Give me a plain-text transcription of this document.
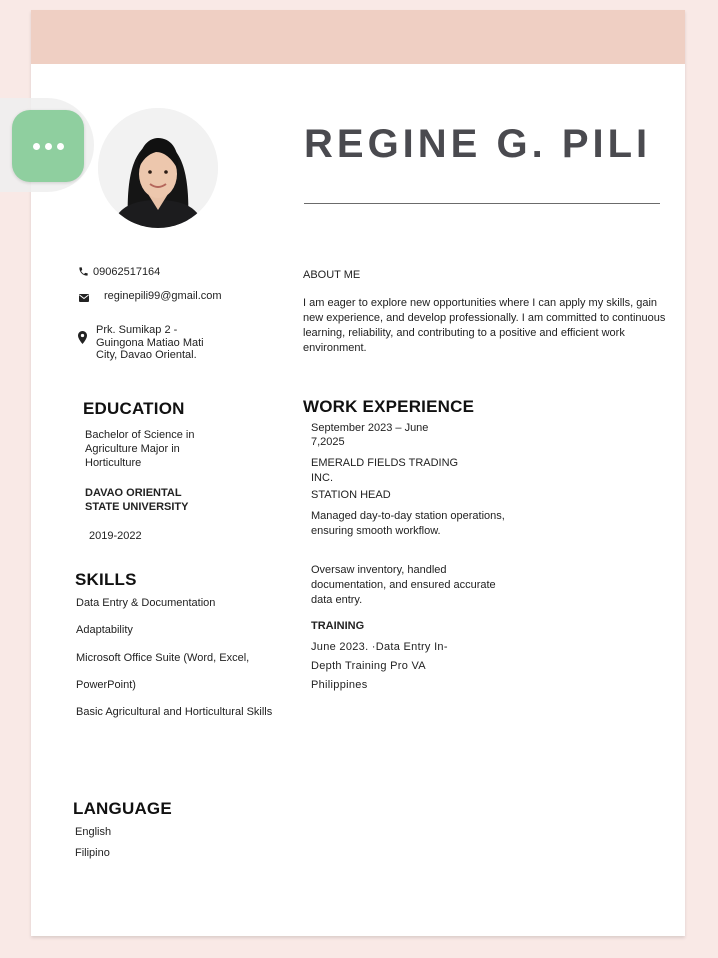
REGINE G. PILI
09062517164
reginepili99@gmail.com
Prk. Sumikap 2 -
Guingona Matiao Mati
City, Davao Oriental.
EDUCATION
Bachelor of Science in
Agriculture Major in
Horticulture
DAVAO ORIENTAL
STATE UNIVERSITY
2019-2022
SKILLS
Data Entry & Documentation
Adaptability
Microsoft Office Suite (Word, Excel,
PowerPoint)
Basic Agricultural and Horticultural Skills
LANGUAGE
English
Filipino
ABOUT ME
I am eager to explore new opportunities where I can apply my skills, gain
new experience, and develop professionally. I am committed to continuous
learning, reliability, and contributing to a positive and efficient work
environment.
WORK EXPERIENCE
September 2023 – June
7,2025
EMERALD FIELDS TRADING
INC.
STATION HEAD
Managed day-to-day station operations,
ensuring smooth workflow.
Oversaw inventory, handled
documentation, and ensured accurate
data entry.
TRAINING
June 2023. ·Data Entry In-
Depth Training Pro VA
Philippines
